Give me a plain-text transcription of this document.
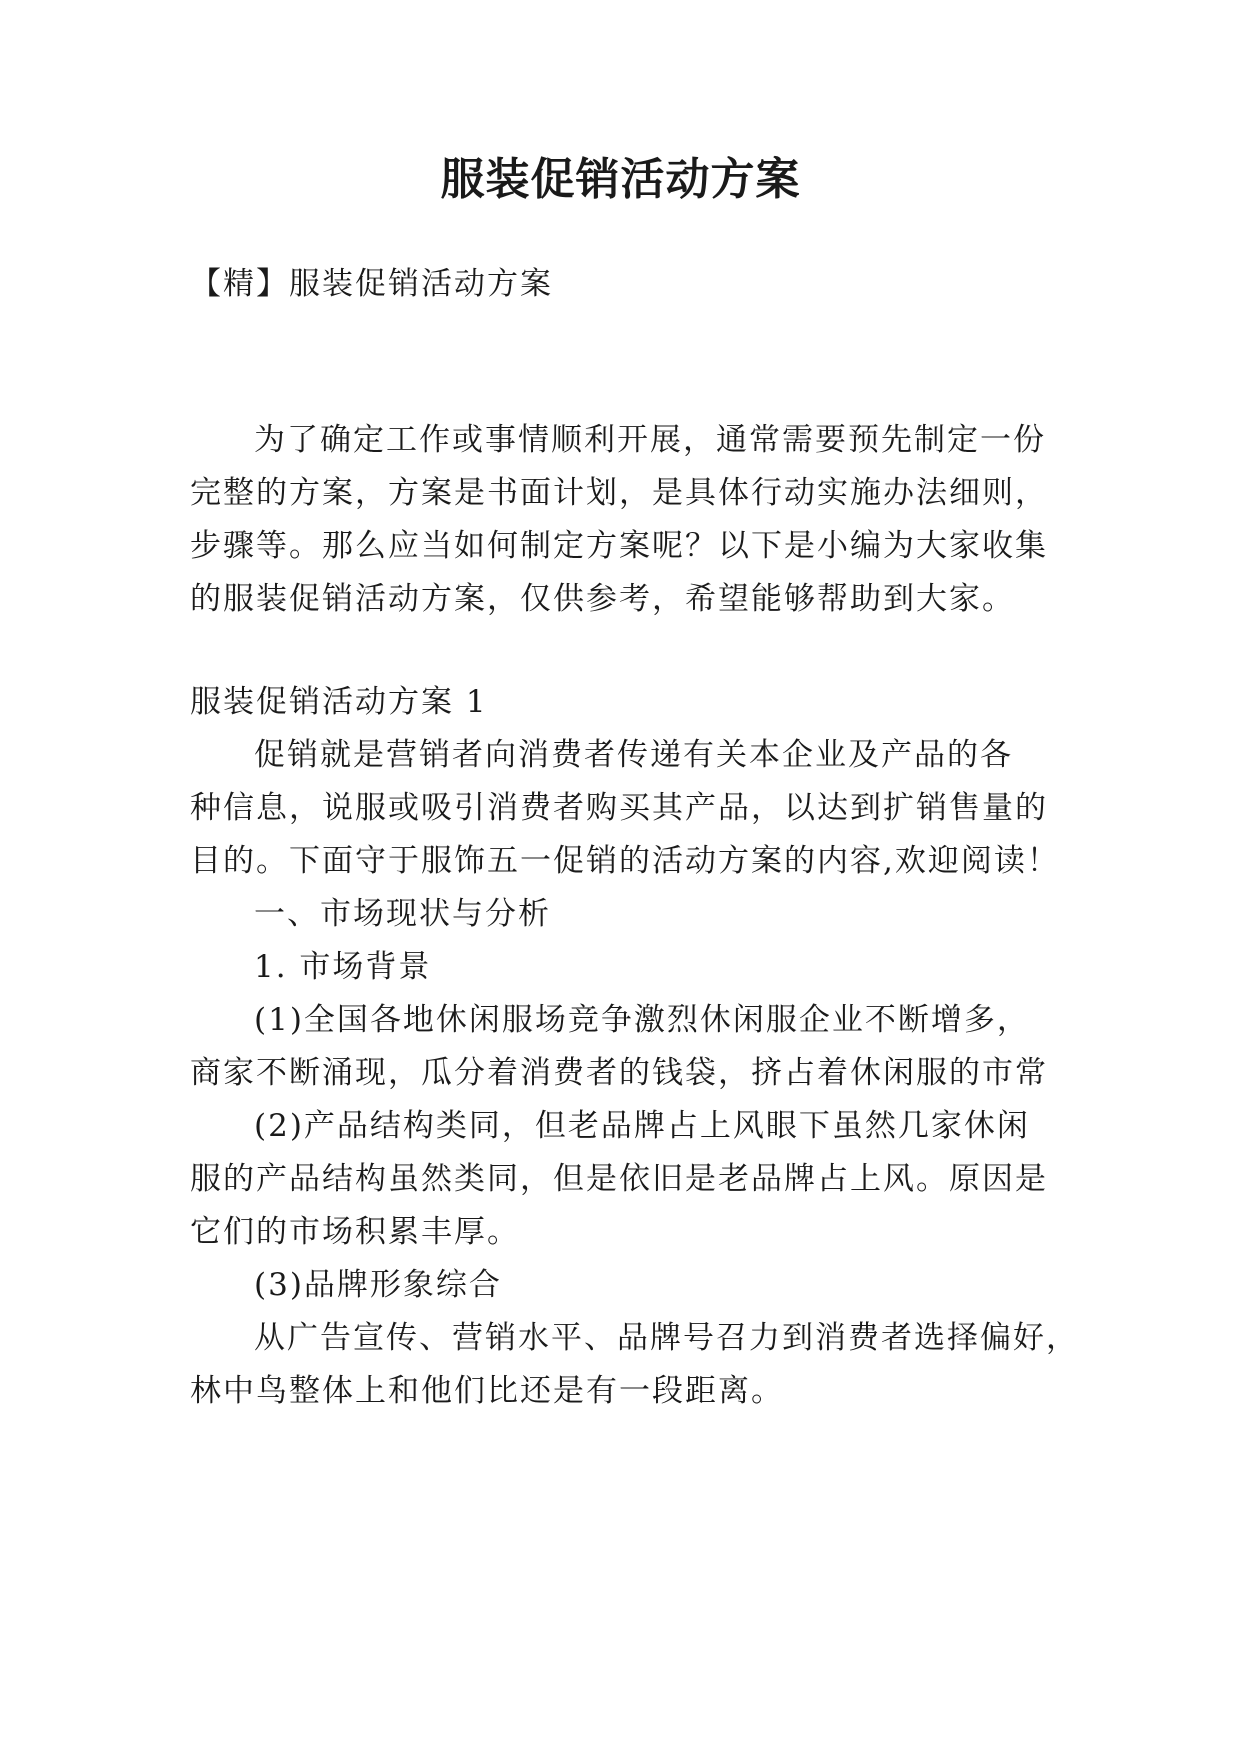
服装促销活动方案
【精】服装促销活动方案
为了确定工作或事情顺利开展，通常需要预先制定一份
完整的方案，方案是书面计划，是具体行动实施办法细则，
步骤等。那么应当如何制定方案呢？以下是小编为大家收集
的服装促销活动方案，仅供参考，希望能够帮助到大家。
服装促销活动方案 1
促销就是营销者向消费者传递有关本企业及产品的各
种信息，说服或吸引消费者购买其产品，以达到扩销售量的
目的。下面守于服饰五一促销的活动方案的内容,欢迎阅读！
一、市场现状与分析
1. 市场背景
(1)全国各地休闲服场竞争激烈休闲服企业不断增多，
商家不断涌现，瓜分着消费者的钱袋，挤占着休闲服的市常
(2)产品结构类同，但老品牌占上风眼下虽然几家休闲
服的产品结构虽然类同，但是依旧是老品牌占上风。原因是
它们的市场积累丰厚。
(3)品牌形象综合
从广告宣传、营销水平、品牌号召力到消费者选择偏好，
林中鸟整体上和他们比还是有一段距离。
